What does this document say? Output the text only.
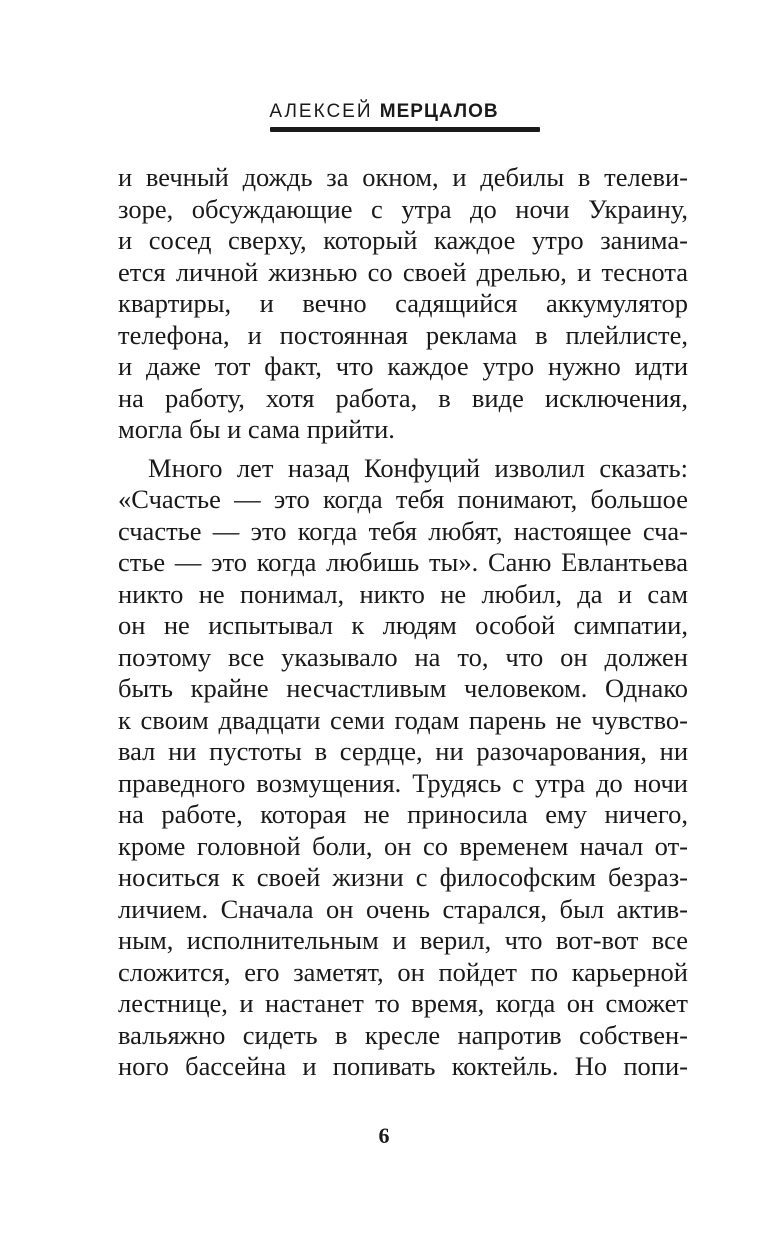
АЛЕКСЕЙ МЕРЦАЛОВ

и вечный дождь за окном, и дебилы в телеви-
зоре, обсуждающие с утра до ночи Украину,
и сосед сверху, который каждое утро занима-
ется личной жизнью со своей дрелью, и теснота
квартиры, и вечно садящийся аккумулятор
телефона, и постоянная реклама в плейлисте,
и даже тот факт, что каждое утро нужно идти
на работу, хотя работа, в виде исключения,
могла бы и сама прийти.

Много лет назад Конфуций изволил сказать:
«Счастье — это когда тебя понимают, большое
счастье — это когда тебя любят, настоящее сча-
стье — это когда любишь ты». Саню Евлантьева
никто не понимал, никто не любил, да и сам
он не испытывал к людям особой симпатии,
поэтому все указывало на то, что он должен
быть крайне несчастливым человеком. Однако
к своим двадцати семи годам парень не чувство-
вал ни пустоты в сердце, ни разочарования, ни
праведного возмущения. Трудясь с утра до ночи
на работе, которая не приносила ему ничего,
кроме головной боли, он со временем начал от-
носиться к своей жизни с философским безраз-
личием. Сначала он очень старался, был актив-
ным, исполнительным и верил, что вот-вот все
сложится, его заметят, он пойдет по карьерной
лестнице, и настанет то время, когда он сможет
вальяжно сидеть в кресле напротив собствен-
ного бассейна и попивать коктейль. Но попи-

6
